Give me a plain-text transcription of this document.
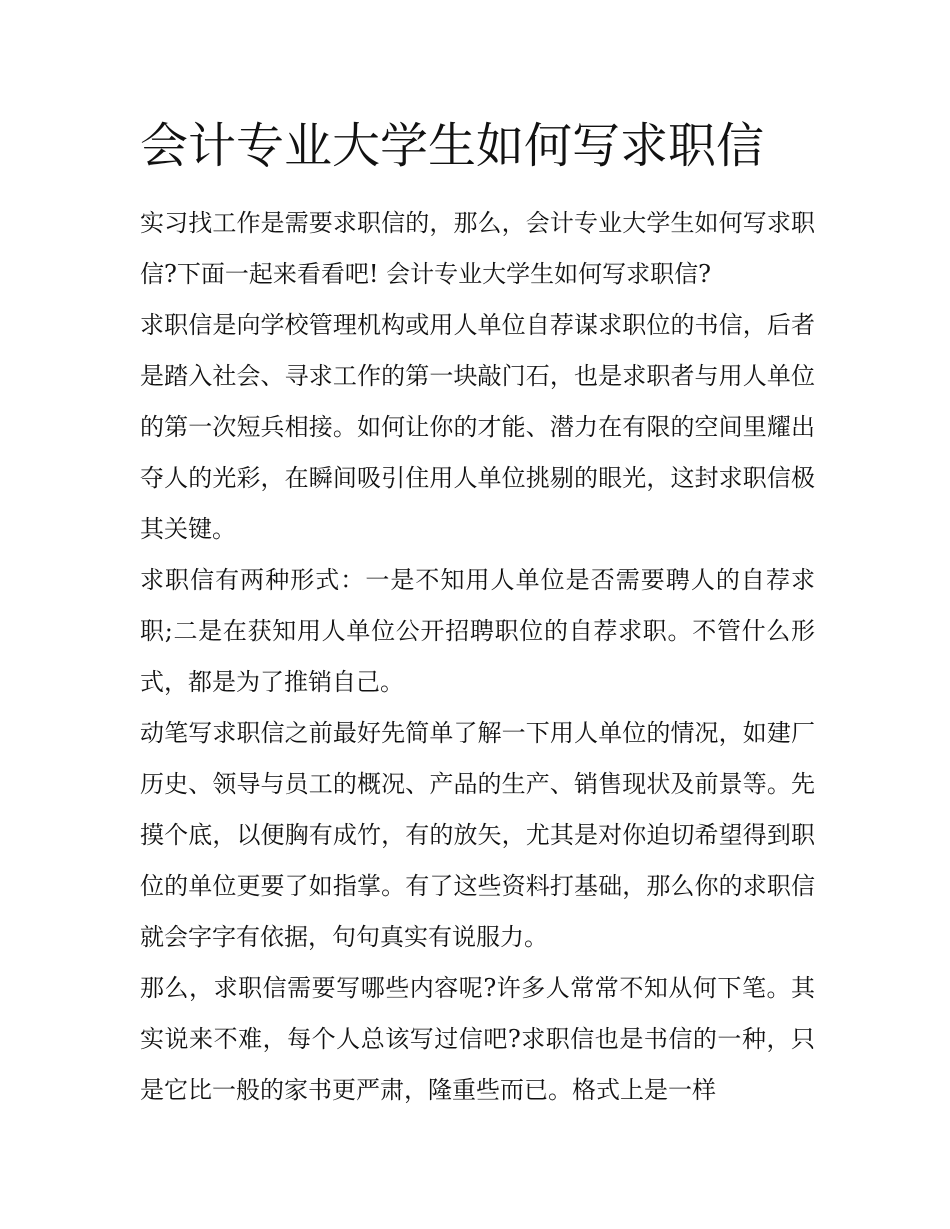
会计专业大学生如何写求职信

实习找工作是需要求职信的，那么，会计专业大学生如何写求职信?下面一起来看看吧! 会计专业大学生如何写求职信?

求职信是向学校管理机构或用人单位自荐谋求职位的书信，后者是踏入社会、寻求工作的第一块敲门石，也是求职者与用人单位的第一次短兵相接。如何让你的才能、潜力在有限的空间里耀出夺人的光彩，在瞬间吸引住用人单位挑剔的眼光，这封求职信极其关键。

求职信有两种形式：一是不知用人单位是否需要聘人的自荐求职;二是在获知用人单位公开招聘职位的自荐求职。不管什么形式，都是为了推销自己。

动笔写求职信之前最好先简单了解一下用人单位的情况，如建厂历史、领导与员工的概况、产品的生产、销售现状及前景等。先摸个底，以便胸有成竹，有的放矢，尤其是对你迫切希望得到职位的单位更要了如指掌。有了这些资料打基础，那么你的求职信就会字字有依据，句句真实有说服力。

那么，求职信需要写哪些内容呢?许多人常常不知从何下笔。其实说来不难，每个人总该写过信吧?求职信也是书信的一种，只是它比一般的家书更严肃，隆重些而已。格式上是一样
